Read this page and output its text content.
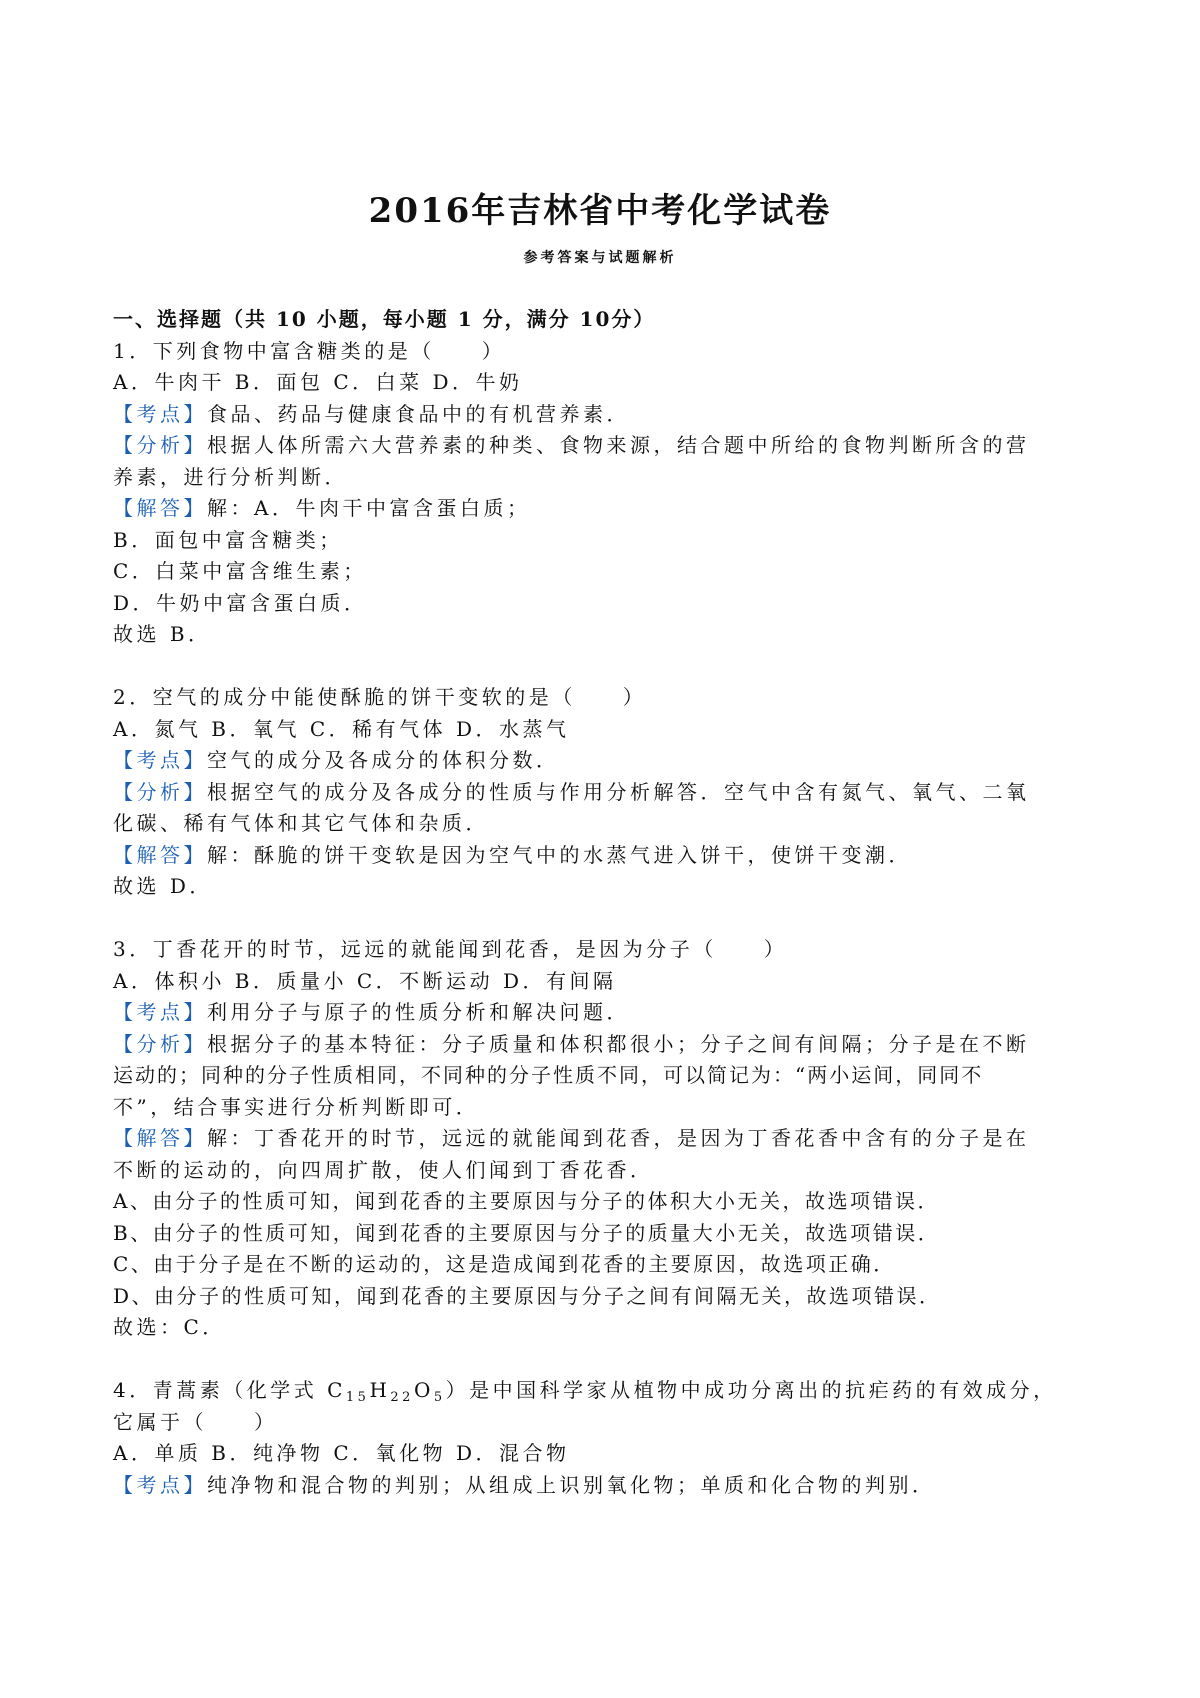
2016年吉林省中考化学试卷
参考答案与试题解析
一、选择题（共 10 小题，每小题 1 分，满分 10分）
1．下列食物中富含糖类的是（　　）
A．牛肉干 B．面包 C．白菜 D．牛奶
【考点】食品、药品与健康食品中的有机营养素．
【分析】根据人体所需六大营养素的种类、食物来源，结合题中所给的食物判断所含的营
养素，进行分析判断．
【解答】解：A．牛肉干中富含蛋白质；
B．面包中富含糖类；
C．白菜中富含维生素；
D．牛奶中富含蛋白质．
故选 B．
2．空气的成分中能使酥脆的饼干变软的是（　　）
A．氮气 B．氧气 C．稀有气体 D．水蒸气
【考点】空气的成分及各成分的体积分数．
【分析】根据空气的成分及各成分的性质与作用分析解答．空气中含有氮气、氧气、二氧
化碳、稀有气体和其它气体和杂质．
【解答】解：酥脆的饼干变软是因为空气中的水蒸气进入饼干，使饼干变潮．
故选 D．
3．丁香花开的时节，远远的就能闻到花香，是因为分子（　　）
A．体积小 B．质量小 C．不断运动 D．有间隔
【考点】利用分子与原子的性质分析和解决问题．
【分析】根据分子的基本特征：分子质量和体积都很小；分子之间有间隔；分子是在不断
运动的；同种的分子性质相同，不同种的分子性质不同，可以简记为：“两小运间，同同不
不”，结合事实进行分析判断即可．
【解答】解：丁香花开的时节，远远的就能闻到花香，是因为丁香花香中含有的分子是在
不断的运动的，向四周扩散，使人们闻到丁香花香．
A、由分子的性质可知，闻到花香的主要原因与分子的体积大小无关，故选项错误．
B、由分子的性质可知，闻到花香的主要原因与分子的质量大小无关，故选项错误．
C、由于分子是在不断的运动的，这是造成闻到花香的主要原因，故选项正确．
D、由分子的性质可知，闻到花香的主要原因与分子之间有间隔无关，故选项错误．
故选：C．
4．青蒿素（化学式 $C_{15}H_{22}O_5$）是中国科学家从植物中成功分离出的抗疟药的有效成分，
它属于（　　）
A．单质 B．纯净物 C．氧化物 D．混合物
【考点】纯净物和混合物的判别；从组成上识别氧化物；单质和化合物的判别．
